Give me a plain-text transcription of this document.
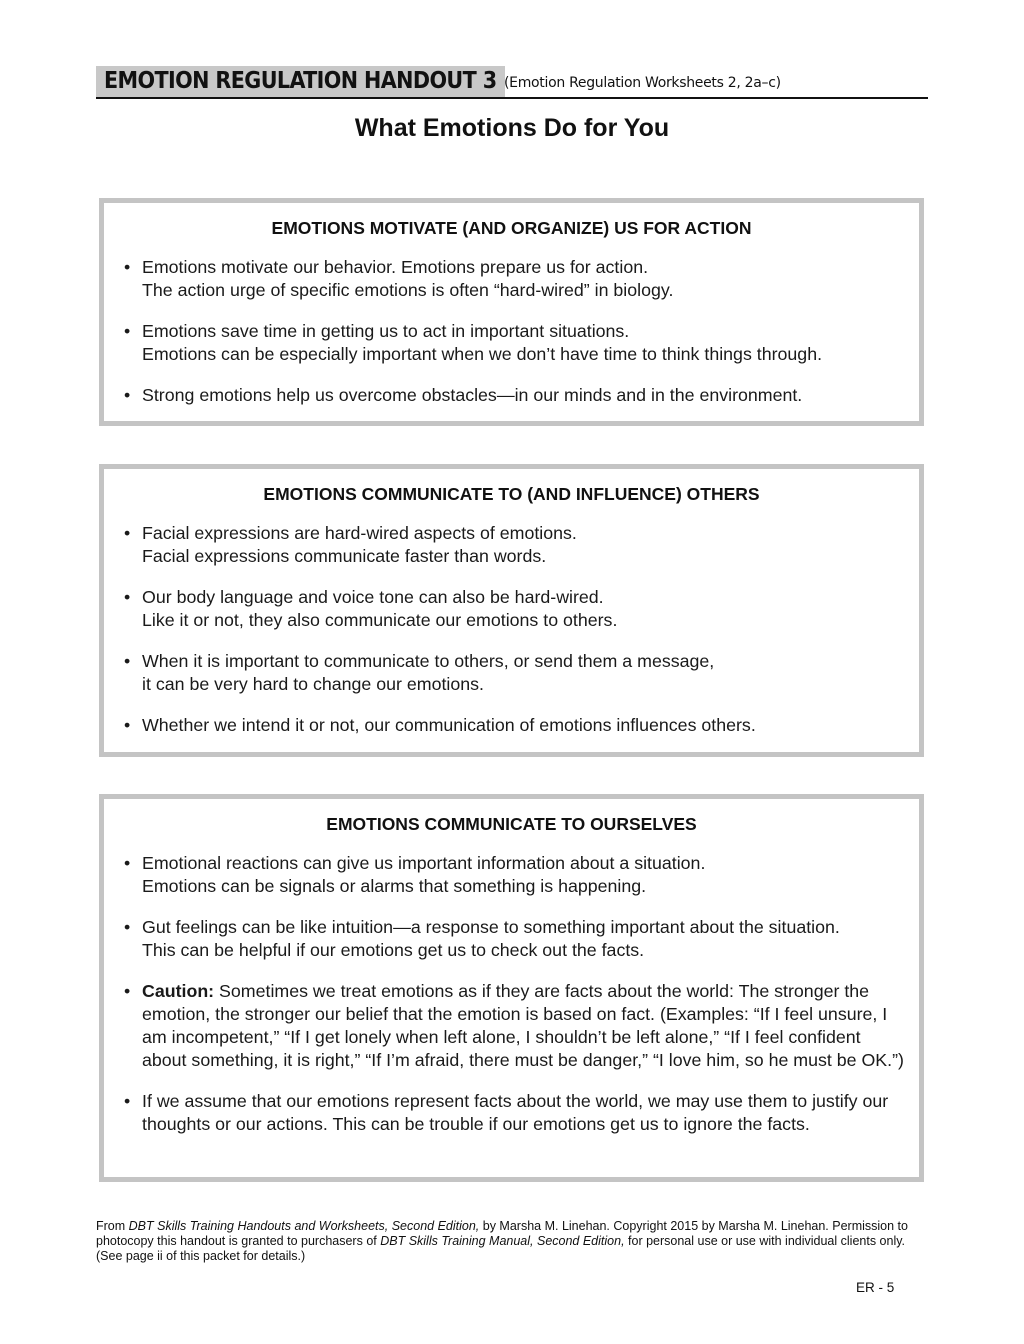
EMOTION REGULATION HANDOUT 3 (Emotion Regulation Worksheets 2, 2a–c)
What Emotions Do for You
EMOTIONS MOTIVATE (AND ORGANIZE) US FOR ACTION
• Emotions motivate our behavior. Emotions prepare us for action.
The action urge of specific emotions is often “hard-wired” in biology.
• Emotions save time in getting us to act in important situations.
Emotions can be especially important when we don’t have time to think things through.
• Strong emotions help us overcome obstacles—in our minds and in the environment.
EMOTIONS COMMUNICATE TO (AND INFLUENCE) OTHERS
• Facial expressions are hard-wired aspects of emotions.
Facial expressions communicate faster than words.
• Our body language and voice tone can also be hard-wired.
Like it or not, they also communicate our emotions to others.
• When it is important to communicate to others, or send them a message,
it can be very hard to change our emotions.
• Whether we intend it or not, our communication of emotions influences others.
EMOTIONS COMMUNICATE TO OURSELVES
• Emotional reactions can give us important information about a situation.
Emotions can be signals or alarms that something is happening.
• Gut feelings can be like intuition—a response to something important about the situation.
This can be helpful if our emotions get us to check out the facts.
• Caution: Sometimes we treat emotions as if they are facts about the world: The stronger the emotion, the stronger our belief that the emotion is based on fact. (Examples: “If I feel unsure, I am incompetent,” “If I get lonely when left alone, I shouldn’t be left alone,” “If I feel confident about something, it is right,” “If I’m afraid, there must be danger,” “I love him, so he must be OK.”)
• If we assume that our emotions represent facts about the world, we may use them to justify our thoughts or our actions. This can be trouble if our emotions get us to ignore the facts.
From DBT Skills Training Handouts and Worksheets, Second Edition, by Marsha M. Linehan. Copyright 2015 by Marsha M. Linehan. Permission to photocopy this handout is granted to purchasers of DBT Skills Training Manual, Second Edition, for personal use or use with individual clients only. (See page ii of this packet for details.)
ER - 5
